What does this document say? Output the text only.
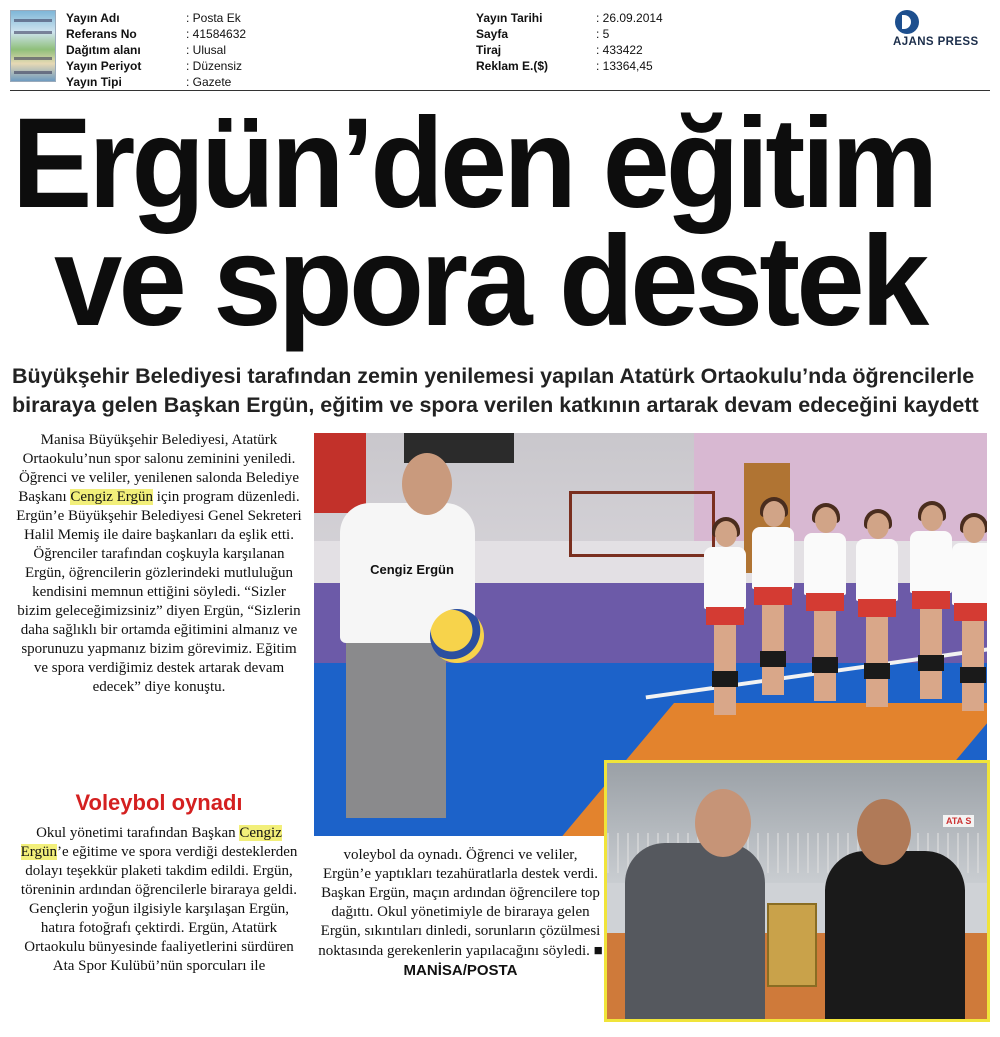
Yayın Adı	: Posta Ek
Referans No	: 41584632
Dağıtım alanı	: Ulusal
Yayın Periyot	: Düzensiz
Yayın Tipi	: Gazete
Yayın Tarihi	: 26.09.2014
Sayfa	: 5
Tiraj	: 433422
Reklam E.($)	: 13364,45
AJANS PRESS
Ergün’den eğitim
ve spora destek
Büyükşehir Belediyesi tarafından zemin yenilemesi yapılan Atatürk Ortaokulu’nda öğrencilerle
biraraya gelen Başkan Ergün, eğitim ve spora verilen katkının artarak devam edeceğini kaydett
Manisa Büyükşehir Belediyesi, Atatürk Ortaokulu’nun spor salonu zeminini yeniledi. Öğrenci ve veliler, yenilenen salonda Belediye Başkanı Cengiz Ergün için program düzenledi. Ergün’e Büyükşehir Belediyesi Genel Sekreteri Halil Memiş ile daire başkanları da eşlik etti. Öğrenciler tarafından coşkuyla karşılanan Ergün, öğrencilerin gözlerindeki mutluluğun kendisini memnun ettiğini söyledi. “Sizler bizim geleceğimizsiniz” diyen Ergün, “Sizlerin daha sağlıklı bir ortamda eğitimini almanız ve sporunuzu yapmanız bizim görevimiz. Eğitim ve spora verdiğimiz destek artarak devam edecek” diye konuştu.
Voleybol oynadı
Okul yönetimi tarafından Başkan Cengiz Ergün’e eğitime ve spora verdiği desteklerden dolayı teşekkür plaketi takdim edildi. Ergün, töreninin ardından öğrencilerle biraraya geldi. Gençlerin yoğun ilgisiyle karşılaşan Ergün, hatıra fotoğrafı çektirdi. Ergün, Atatürk Ortaokulu bünyesinde faaliyetlerini sürdüren Ata Spor Kulübü’nün sporcuları ile
voleybol da oynadı. Öğrenci ve veliler, Ergün’e yaptıkları tezahüratlarla destek verdi. Başkan Ergün, maçın ardından öğrencilere top dağıttı. Okul yönetimiyle de biraraya gelen Ergün, sıkıntıları dinledi, sorunların çözülmesi noktasında gerekenlerin yapılacağını söyledi. ■ MANİSA/POSTA
Cengiz Ergün
ATA S
